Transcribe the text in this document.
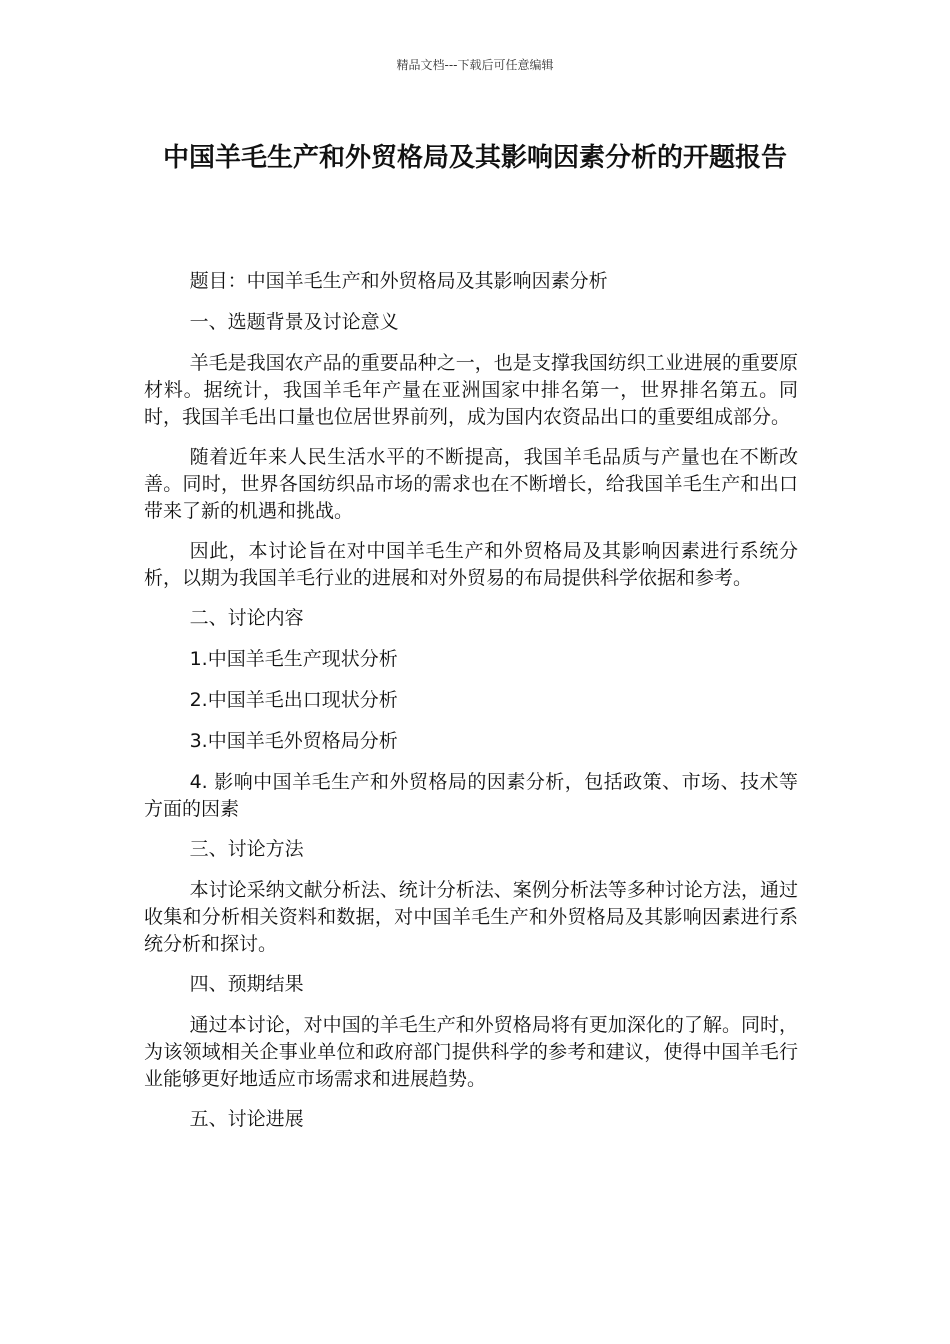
精品文档---下载后可任意编辑
中国羊毛生产和外贸格局及其影响因素分析的开题报告

题目：中国羊毛生产和外贸格局及其影响因素分析

一、选题背景及讨论意义

羊毛是我国农产品的重要品种之一，也是支撑我国纺织工业进展的重要原材料。据统计，我国羊毛年产量在亚洲国家中排名第一，世界排名第五。同时，我国羊毛出口量也位居世界前列，成为国内农资品出口的重要组成部分。

随着近年来人民生活水平的不断提高，我国羊毛品质与产量也在不断改善。同时，世界各国纺织品市场的需求也在不断增长，给我国羊毛生产和出口带来了新的机遇和挑战。

因此，本讨论旨在对中国羊毛生产和外贸格局及其影响因素进行系统分析，以期为我国羊毛行业的进展和对外贸易的布局提供科学依据和参考。

二、讨论内容

1.中国羊毛生产现状分析

2.中国羊毛出口现状分析

3.中国羊毛外贸格局分析

4. 影响中国羊毛生产和外贸格局的因素分析，包括政策、市场、技术等方面的因素

三、讨论方法

本讨论采纳文献分析法、统计分析法、案例分析法等多种讨论方法，通过收集和分析相关资料和数据，对中国羊毛生产和外贸格局及其影响因素进行系统分析和探讨。

四、预期结果

通过本讨论，对中国的羊毛生产和外贸格局将有更加深化的了解。同时，为该领域相关企事业单位和政府部门提供科学的参考和建议，使得中国羊毛行业能够更好地适应市场需求和进展趋势。

五、讨论进展
